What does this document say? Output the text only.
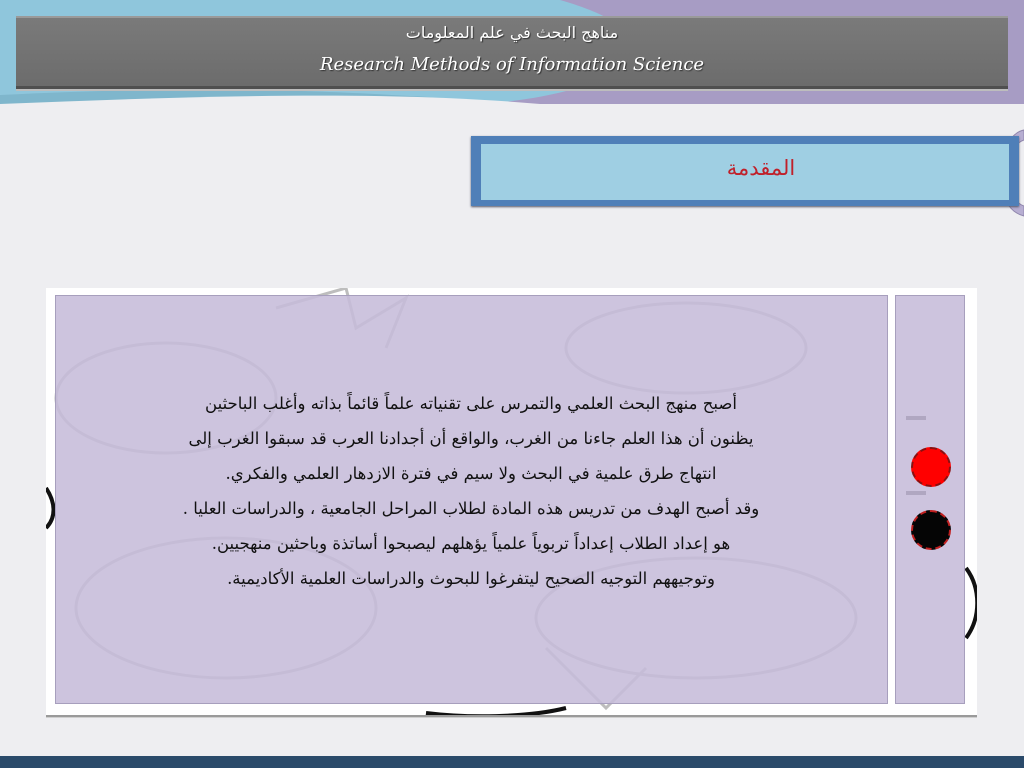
مناهج البحث في علم المعلومات
Research Methods of Information Science
المقدمة

أصبح منهج البحث العلمي والتمرس على تقنياته علماً قائماً بذاته وأغلب الباحثين
يظنون أن هذا العلم جاءنا من الغرب، والواقع أن أجدادنا العرب قد سبقوا الغرب إلى
انتهاج طرق علمية في البحث ولا سيم في فترة الازدهار العلمي والفكري.
وقد أصبح الهدف من تدريس هذه المادة لطلاب المراحل الجامعية ، والدراسات العليا .
هو إعداد الطلاب إعداداً تربوياً علمياً يؤهلهم ليصبحوا أساتذة وباحثين منهجيين.
وتوجيههم التوجيه الصحيح ليتفرغوا للبحوث والدراسات العلمية الأكاديمية.
